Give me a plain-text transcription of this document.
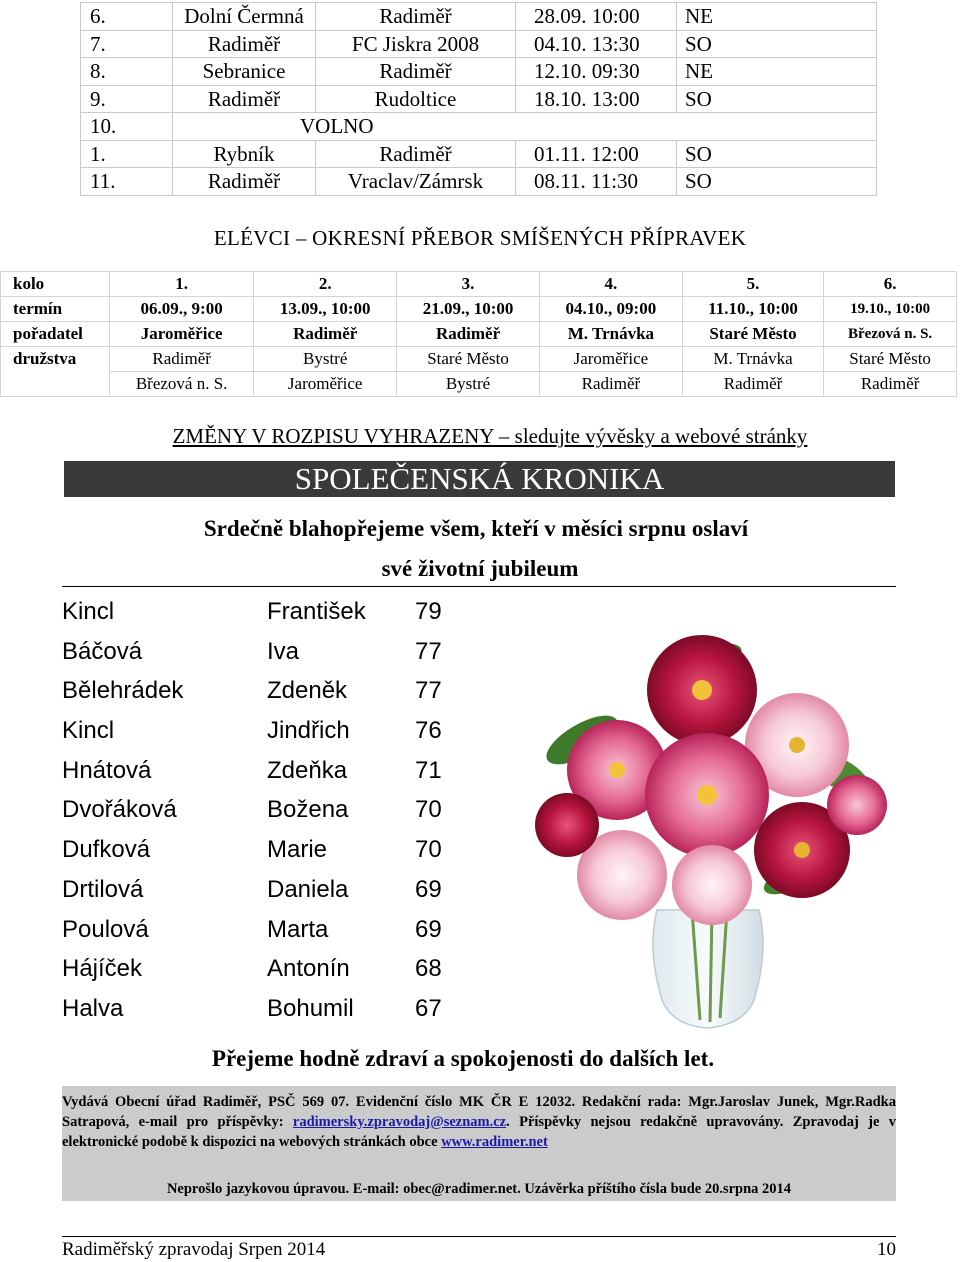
6.	Dolní Čermná	Radiměř	28.09. 10:00	NE
7.	Radiměř	FC Jiskra 2008	04.10. 13:30	SO
8.	Sebranice	Radiměř	12.10. 09:30	NE
9.	Radiměř	Rudoltice	18.10. 13:00	SO
10.	VOLNO			
1.	Rybník	Radiměř	01.11. 12:00	SO
11.	Radiměř	Vraclav/Zámrsk	08.11. 11:30	SO
ELÉVCI – OKRESNÍ PŘEBOR SMÍŠENÝCH PŘÍPRAVEK
kolo	1.	2.	3.	4.	5.	6.
termín	06.09., 9:00	13.09., 10:00	21.09., 10:00	04.10., 09:00	11.10., 10:00	19.10., 10:00
pořadatel	Jaroměřice	Radiměř	Radiměř	M. Trnávka	Staré Město	Březová n. S.
družstva	Radiměř	Bystré	Staré Město	Jaroměřice	M. Trnávka	Staré Město
	Březová n. S.	Jaroměřice	Bystré	Radiměř	Radiměř	Radiměř
ZMĚNY V ROZPISU VYHRAZENY – sledujte vývěsky a webové stránky
SPOLEČENSKÁ KRONIKA
Srdečně blahopřejeme všem, kteří v měsíci srpnu oslaví
své životní jubileum
Kincl	František 79
Báčová	Iva	77
Bělehrádek	Zdeněk	77
Kincl	Jindřich	76
Hnátová	Zdeňka	71
Dvořáková	Božena	70
Dufková	Marie	70
Drtilová	Daniela	69
Poulová	Marta	69
Hájíček	Antonín	68
Halva	Bohumil	67
Přejeme hodně zdraví a spokojenosti do dalších let.
Vydává Obecní úřad Radiměř, PSČ 569 07. Evidenční číslo MK ČR E 12032. Redakční rada: Mgr.Jaroslav Junek, Mgr.Radka Satrapová, e-mail pro příspěvky: radimersky.zpravodaj@seznam.cz. Příspěvky nejsou redakčně upravovány. Zpravodaj je v elektronické podobě k dispozici na webových stránkách obce www.radimer.net
Neprošlo jazykovou úpravou. E-mail: obec@radimer.net. Uzávěrka příštího čísla bude 20.srpna 2014
Radiměřský zpravodaj Srpen 2014	10
